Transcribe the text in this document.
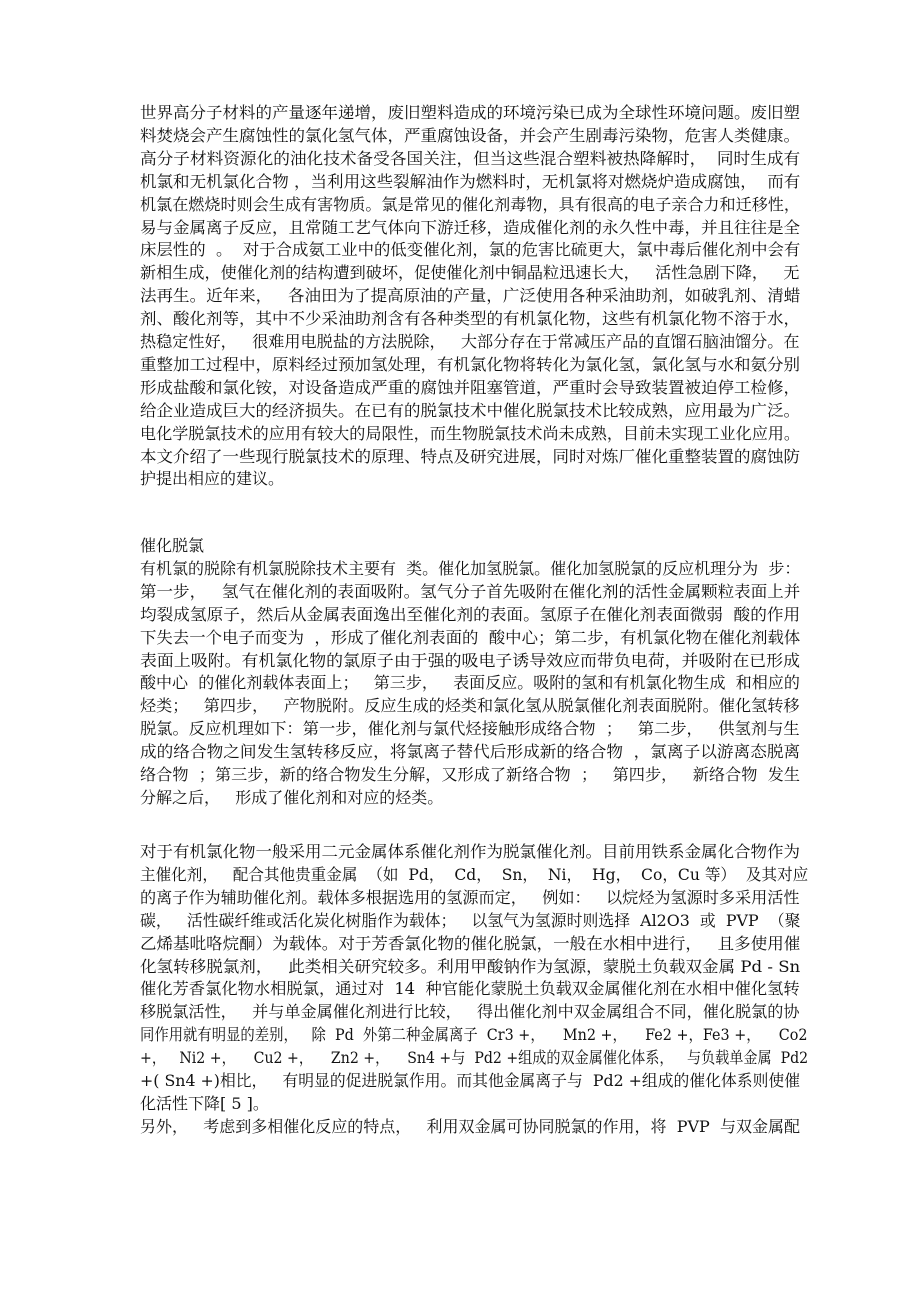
世界高分子材料的产量逐年递增，废旧塑料造成的环境污染已成为全球性环境问题。废旧塑
料焚烧会产生腐蚀性的氯化氢气体，严重腐蚀设备，并会产生剧毒污染物，危害人类健康。
高分子材料资源化的油化技术备受各国关注，但当这些混合塑料被热降解时，  同时生成有
机氯和无机氯化合物 ，当利用这些裂解油作为燃料时，无机氯将对燃烧炉造成腐蚀，  而有
机氯在燃烧时则会生成有害物质。氯是常见的催化剂毒物，具有很高的电子亲合力和迁移性，
易与金属离子反应，且常随工艺气体向下游迁移，造成催化剂的永久性中毒，并且往往是全
床层性的  。  对于合成氨工业中的低变催化剂，氯的危害比硫更大，氯中毒后催化剂中会有
新相生成，使催化剂的结构遭到破坏，促使催化剂中铜晶粒迅速长大，   活性急剧下降，   无
法再生。近年来，   各油田为了提高原油的产量，广泛使用各种采油助剂，如破乳剂、清蜡
剂、酸化剂等，其中不少采油助剂含有各种类型的有机氯化物，这些有机氯化物不溶于水，
热稳定性好，   很难用电脱盐的方法脱除，   大部分存在于常减压产品的直馏石脑油馏分。在
重整加工过程中，原料经过预加氢处理，有机氯化物将转化为氯化氢，氯化氢与水和氨分别
形成盐酸和氯化铵，对设备造成严重的腐蚀并阻塞管道，严重时会导致装置被迫停工检修，
给企业造成巨大的经济损失。在已有的脱氯技术中催化脱氯技术比较成熟，应用最为广泛。
电化学脱氯技术的应用有较大的局限性，而生物脱氯技术尚未成熟，目前未实现工业化应用。
本文介绍了一些现行脱氯技术的原理、特点及研究进展，同时对炼厂催化重整装置的腐蚀防
护提出相应的建议。
催化脱氯
有机氯的脱除有机氯脱除技术主要有  类。催化加氢脱氯。催化加氢脱氯的反应机理分为  步：
第一步，   氢气在催化剂的表面吸附。氢气分子首先吸附在催化剂的活性金属颗粒表面上并
均裂成氢原子，然后从金属表面逸出至催化剂的表面。氢原子在催化剂表面微弱  酸的作用
下失去一个电子而变为  ，形成了催化剂表面的  酸中心；第二步，有机氯化物在催化剂载体
表面上吸附。有机氯化物的氯原子由于强的吸电子诱导效应而带负电荷，并吸附在已形成
酸中心  的催化剂载体表面上；   第三步，   表面反应。吸附的氢和有机氯化物生成  和相应的
烃类；   第四步，   产物脱附。反应生成的烃类和氯化氢从脱氯催化剂表面脱附。催化氢转移
脱氯。反应机理如下：第一步，催化剂与氯代烃接触形成络合物  ；   第二步，   供氢剂与生
成的络合物之间发生氢转移反应，将氯离子替代后形成新的络合物  ，氯离子以游离态脱离
络合物  ；第三步，新的络合物发生分解，又形成了新络合物  ；   第四步，   新络合物  发生
分解之后，   形成了催化剂和对应的烃类。
对于有机氯化物一般采用二元金属体系催化剂作为脱氯催化剂。目前用铁系金属化合物作为
主催化剂，   配合其他贵重金属  （如  Pd，  Cd，  Sn，  Ni，  Hg，  Co，Cu 等）  及其对应
的离子作为辅助催化剂。载体多根据选用的氢源而定，   例如：   以烷烃为氢源时多采用活性
碳，   活性碳纤维或活化炭化树脂作为载体；   以氢气为氢源时则选择  Al2O3  或  PVP  （聚
乙烯基吡咯烷酮）为载体。对于芳香氯化物的催化脱氯，一般在水相中进行，   且多使用催
化氢转移脱氯剂，   此类相关研究较多。利用甲酸钠作为氢源，蒙脱土负载双金属 Pd - Sn
催化芳香氯化物水相脱氯，通过对  14  种官能化蒙脱土负载双金属催化剂在水相中催化氢转
移脱氯活性，   并与单金属催化剂进行比较，   得出催化剂中双金属组合不同，催化脱氯的协
同作用就有明显的差别，   除  Pd  外第二种金属离子  Cr3 +，    Mn2 +，    Fe2 +，Fe3 +，    Co2
+，   Ni2 +，    Cu2 +，    Zn2 +，    Sn4 +与  Pd2 +组成的双金属催化体系，   与负载单金属  Pd2
+( Sn4 +)相比，   有明显的促进脱氯作用。而其他金属离子与  Pd2 +组成的催化体系则使催
化活性下降[ 5 ]。
另外，   考虑到多相催化反应的特点，   利用双金属可协同脱氯的作用，将  PVP  与双金属配
